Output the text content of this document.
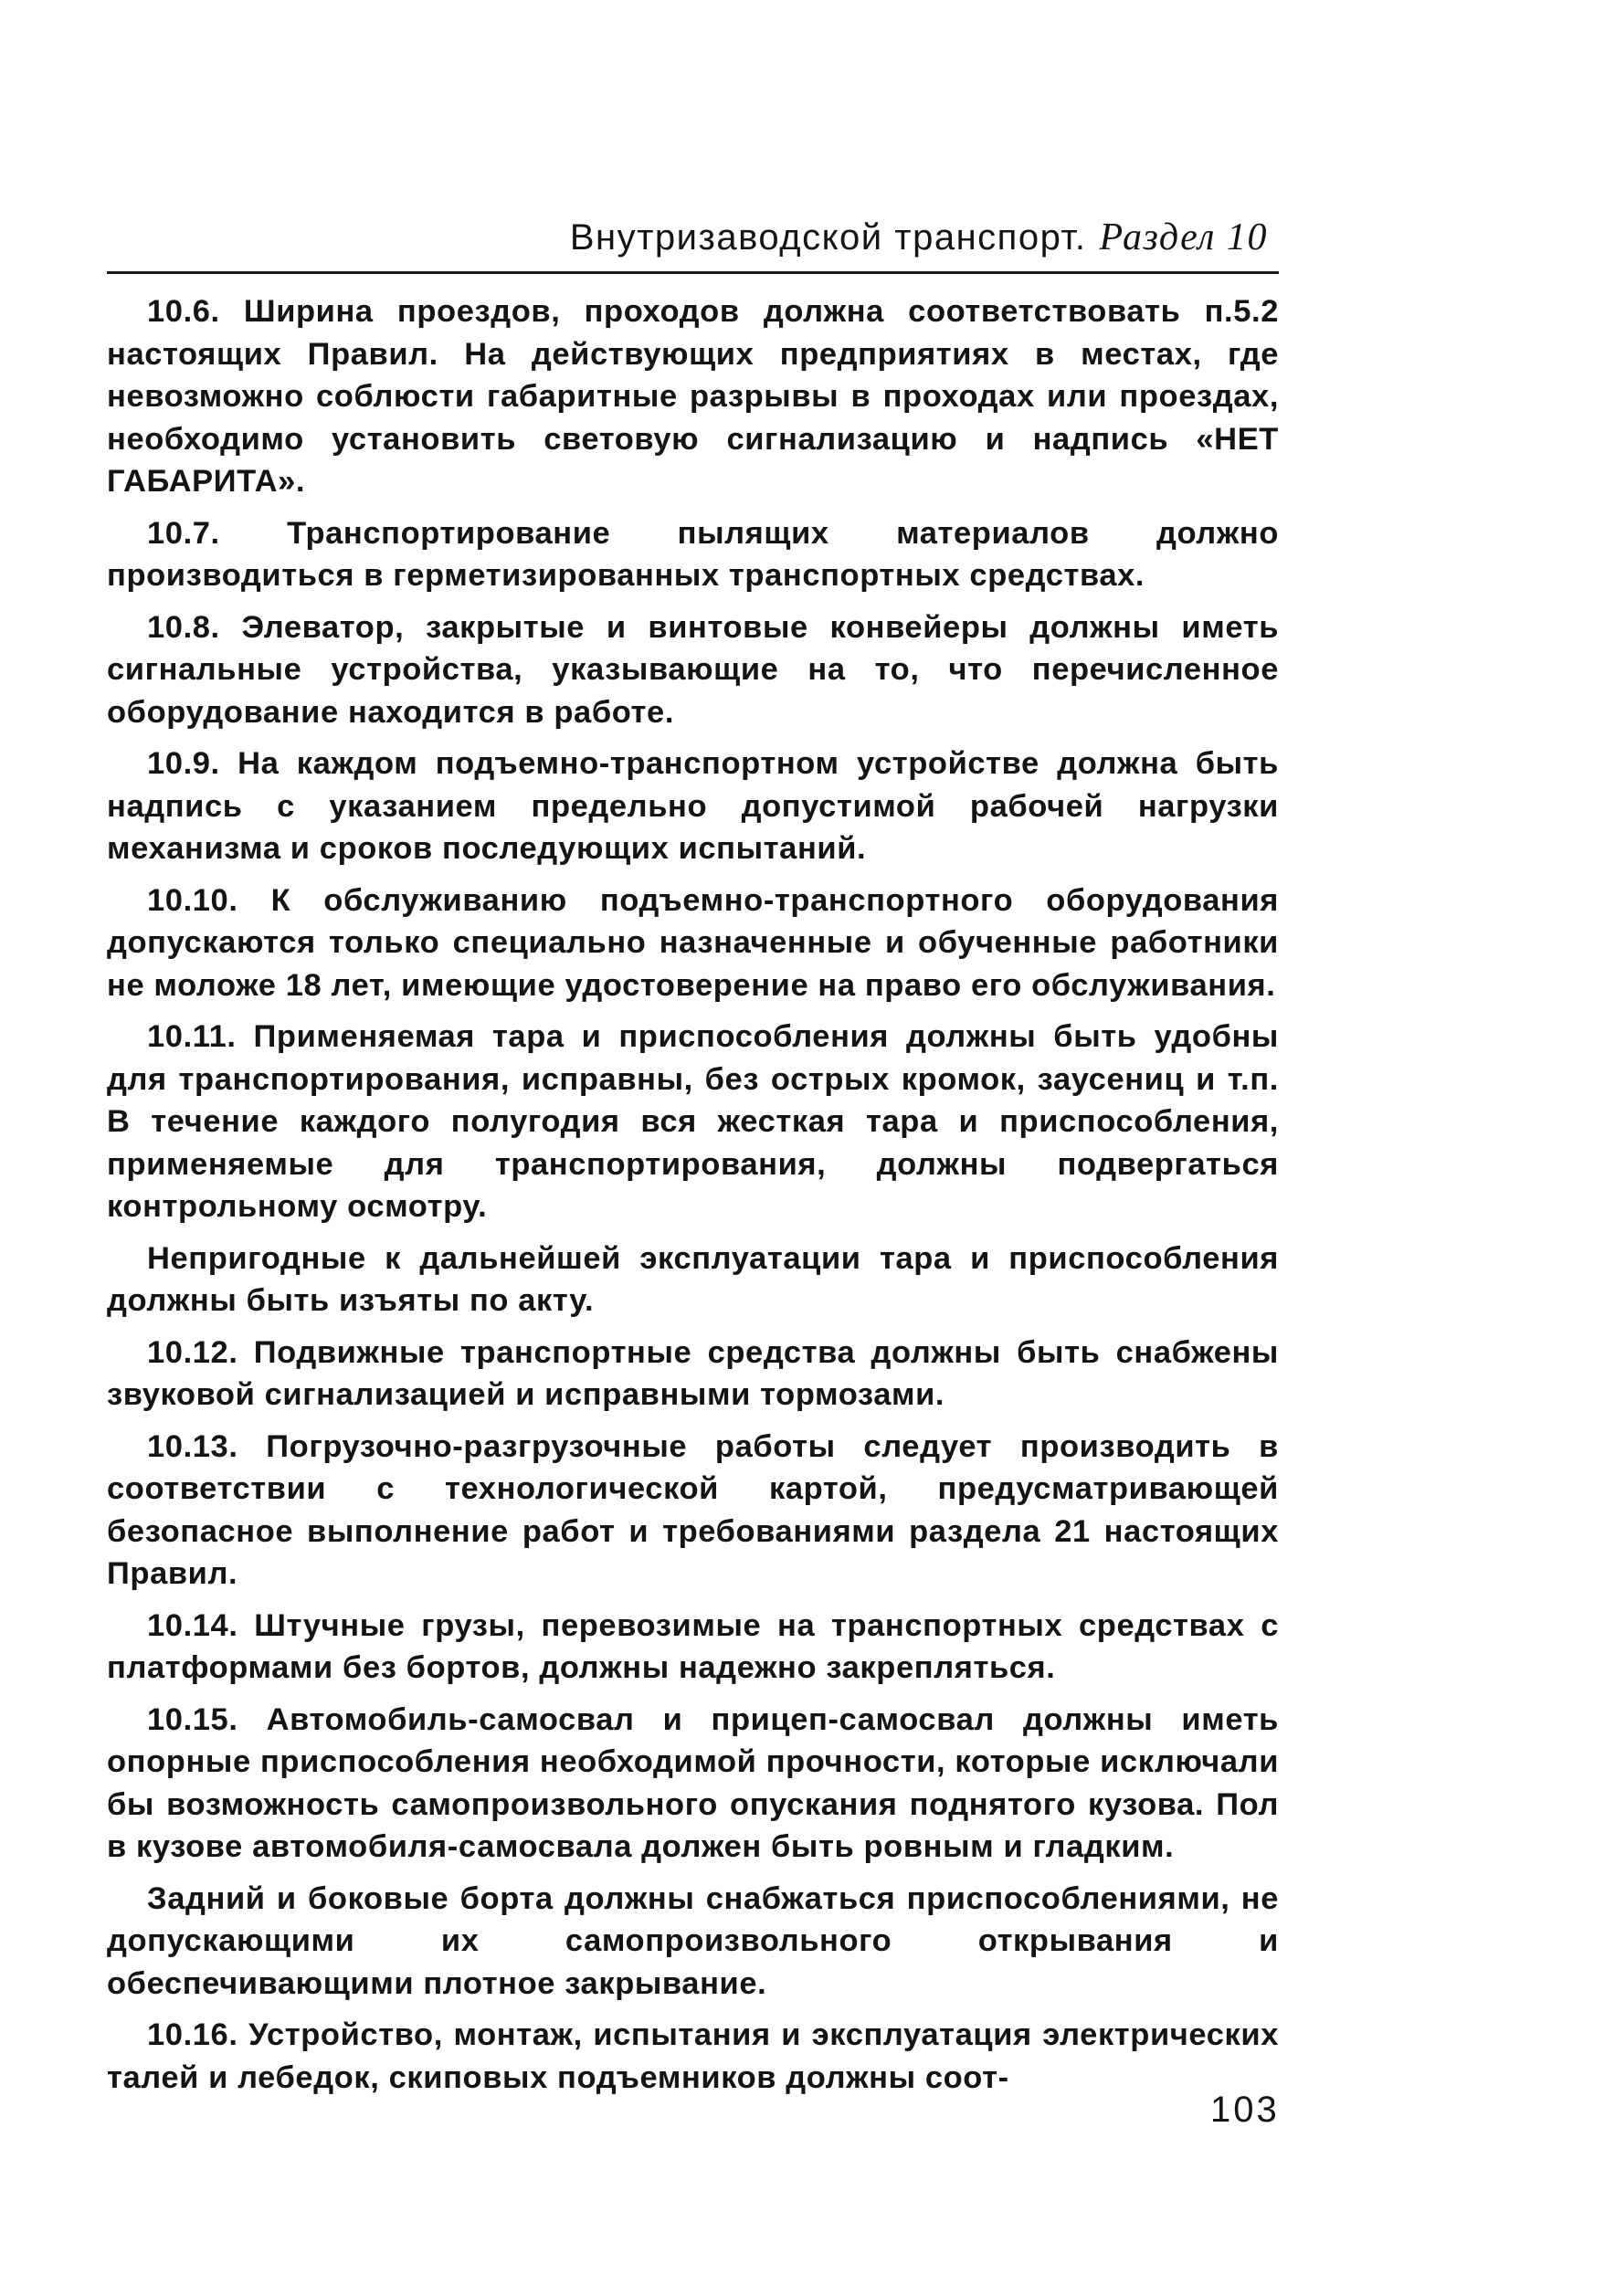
Внутризаводской транспорт. Раздел 10

10.6. Ширина проездов, проходов должна соответствовать п.5.2 настоящих Правил. На действующих предприятиях в местах, где невозможно соблюсти габаритные разрывы в проходах или проездах, необходимо установить световую сигнализацию и надпись «НЕТ ГАБАРИТА».

10.7. Транспортирование пылящих материалов должно производиться в герметизированных транспортных средствах.

10.8. Элеватор, закрытые и винтовые конвейеры должны иметь сигнальные устройства, указывающие на то, что перечисленное оборудование находится в работе.

10.9. На каждом подъемно-транспортном устройстве должна быть надпись с указанием предельно допустимой рабочей нагрузки механизма и сроков последующих испытаний.

10.10. К обслуживанию подъемно-транспортного оборудования допускаются только специально назначенные и обученные работники не моложе 18 лет, имеющие удостоверение на право его обслуживания.

10.11. Применяемая тара и приспособления должны быть удобны для транспортирования, исправны, без острых кромок, заусениц и т.п. В течение каждого полугодия вся жесткая тара и приспособления, применяемые для транспортирования, должны подвергаться контрольному осмотру.

Непригодные к дальнейшей эксплуатации тара и приспособления должны быть изъяты по акту.

10.12. Подвижные транспортные средства должны быть снабжены звуковой сигнализацией и исправными тормозами.

10.13. Погрузочно-разгрузочные работы следует производить в соответствии с технологической картой, предусматривающей безопасное выполнение работ и требованиями раздела 21 настоящих Правил.

10.14. Штучные грузы, перевозимые на транспортных средствах с платформами без бортов, должны надежно закрепляться.

10.15. Автомобиль-самосвал и прицеп-самосвал должны иметь опорные приспособления необходимой прочности, которые исключали бы возможность самопроизвольного опускания поднятого кузова. Пол в кузове автомобиля-самосвала должен быть ровным и гладким.

Задний и боковые борта должны снабжаться приспособлениями, не допускающими их самопроизвольного открывания и обеспечивающими плотное закрывание.

10.16. Устройство, монтаж, испытания и эксплуатация электрических талей и лебедок, скиповых подъемников должны соот-

103
